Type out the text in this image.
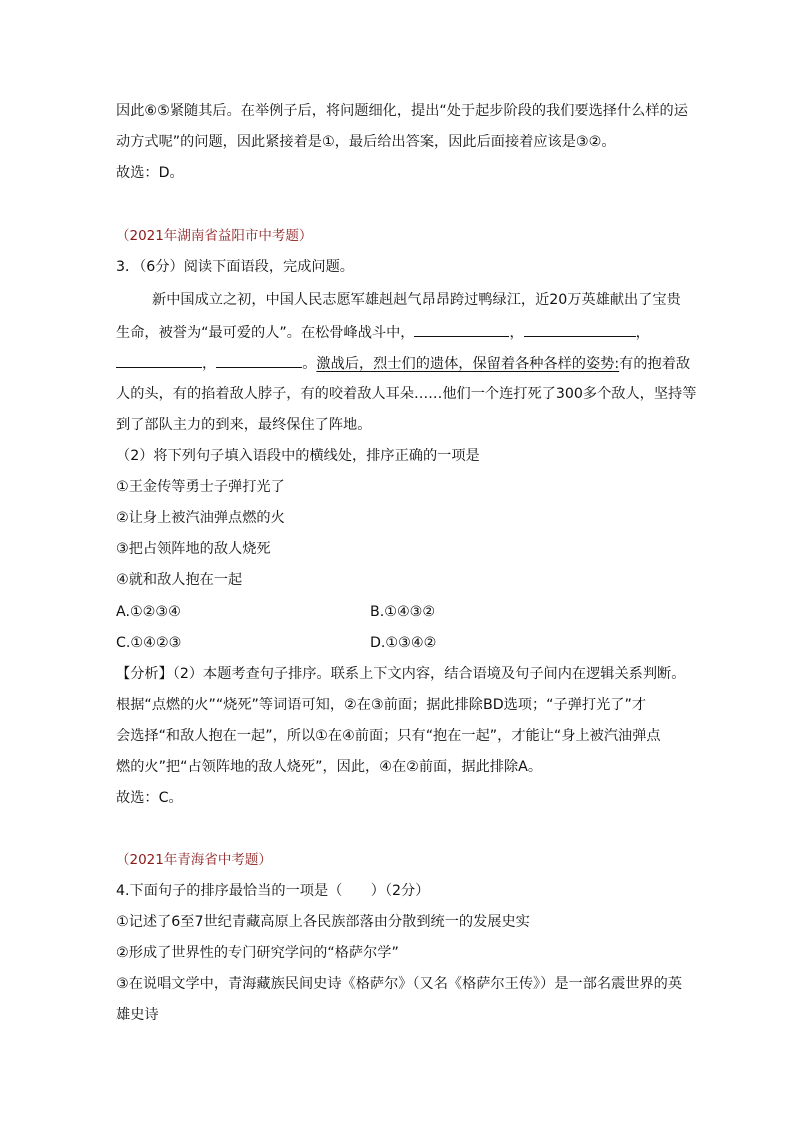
因此⑥⑤紧随其后。在举例子后，将问题细化，提出“处于起步阶段的我们要选择什么样的运
动方式呢”的问题，因此紧接着是①，最后给出答案，因此后面接着应该是③②。
故选：D。
（2021年湖南省益阳市中考题）
3．（6分）阅读下面语段，完成问题。
新中国成立之初，中国人民志愿军雄赳赳气昂昂跨过鸭绿江，近20万英雄献出了宝贵
生命，被誉为“最可爱的人”。在松骨峰战斗中，	，	，
，	。激战后，烈士们的遗体，保留着各种各样的姿势:有的抱着敌
人的头，有的掐着敌人脖子，有的咬着敌人耳朵……他们一个连打死了300多个敌人，坚持等
到了部队主力的到来，最终保住了阵地。
（2）将下列句子填入语段中的横线处，排序正确的一项是
①王金传等勇士子弹打光了
②让身上被汽油弹点燃的火
③把占领阵地的敌人烧死
④就和敌人抱在一起
A.①②③④	B.①④③②
C.①④②③	D.①③④②
【分析】（2）本题考查句子排序。联系上下文内容，结合语境及句子间内在逻辑关系判断。
根据“点燃的火”“烧死”等词语可知，②在③前面；据此排除BD选项；“子弹打光了”才
会选择“和敌人抱在一起”，所以①在④前面；只有“抱在一起”，才能让“身上被汽油弹点
燃的火”把“占领阵地的敌人烧死”，因此，④在②前面，据此排除A。
故选：C。
（2021年青海省中考题）
4.下面句子的排序最恰当的一项是（　　）（2分）
①记述了6至7世纪青藏高原上各民族部落由分散到统一的发展史实
②形成了世界性的专门研究学问的“格萨尔学”
③在说唱文学中，青海藏族民间史诗《格萨尔》（又名《格萨尔王传》）是一部名震世界的英
雄史诗
